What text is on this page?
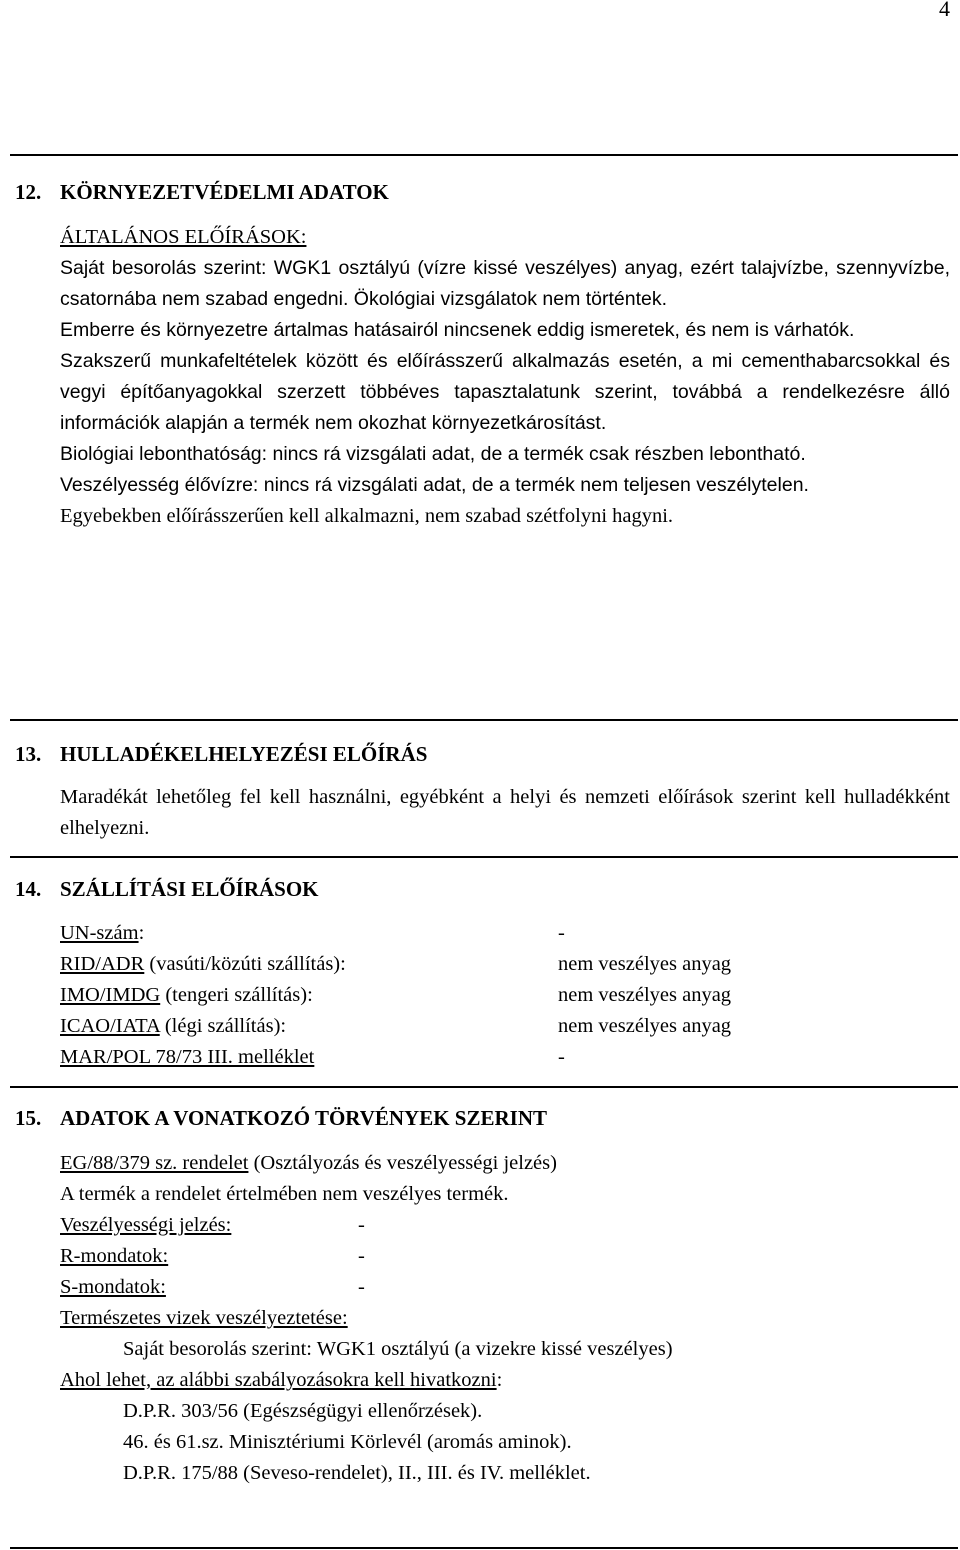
4
12. KÖRNYEZETVÉDELMI ADATOK
ÁLTALÁNOS ELŐÍRÁSOK:

Saját besorolás szerint: WGK1 osztályú (vízre kissé veszélyes) anyag, ezért talajvízbe, szennyvízbe, csatornába nem szabad engedni. Ökológiai vizsgálatok nem történtek.

Emberre és környezetre ártalmas hatásairól nincsenek eddig ismeretek, és nem is várhatók.

Szakszerű munkafeltételek között és előírásszerű alkalmazás esetén, a mi cementhabarcsokkal és vegyi építőanyagokkal szerzett többéves tapasztalatunk szerint, továbbá a rendelkezésre álló információk alapján a termék nem okozhat környezetkárosítást.

Biológiai lebonthatóság: nincs rá vizsgálati adat, de a termék csak részben lebontható.

Veszélyesség élővízre: nincs rá vizsgálati adat, de a termék nem teljesen veszélytelen.

Egyebekben előírásszerűen kell alkalmazni, nem szabad szétfolyni hagyni.

13. HULLADÉKELHELYEZÉSI ELŐÍRÁS

Maradékát lehetőleg fel kell használni, egyébként a helyi és nemzeti előírások szerint kell hulladékként elhelyezni.

14. SZÁLLÍTÁSI ELŐÍRÁSOK
UN-szám:	-
RID/ADR (vasúti/közúti szállítás):	nem veszélyes anyag
IMO/IMDG (tengeri szállítás):	nem veszélyes anyag
ICAO/IATA (légi szállítás):	nem veszélyes anyag
MAR/POL 78/73 III. melléklet	-
15. ADATOK A VONATKOZÓ TÖRVÉNYEK SZERINT
EG/88/379 sz. rendelet (Osztályozás és veszélyességi jelzés)
A termék a rendelet értelmében nem veszélyes termék.
Veszélyességi jelzés:	-
R-mondatok:	-
S-mondatok:	-
Természetes vizek veszélyeztetése:
Saját besorolás szerint: WGK1 osztályú (a vizekre kissé veszélyes)
Ahol lehet, az alábbi szabályozásokra kell hivatkozni:
D.P.R. 303/56 (Egészségügyi ellenőrzések).
46. és 61.sz. Minisztériumi Körlevél (aromás aminok).
D.P.R. 175/88 (Seveso-rendelet), II., III. és IV. melléklet.
